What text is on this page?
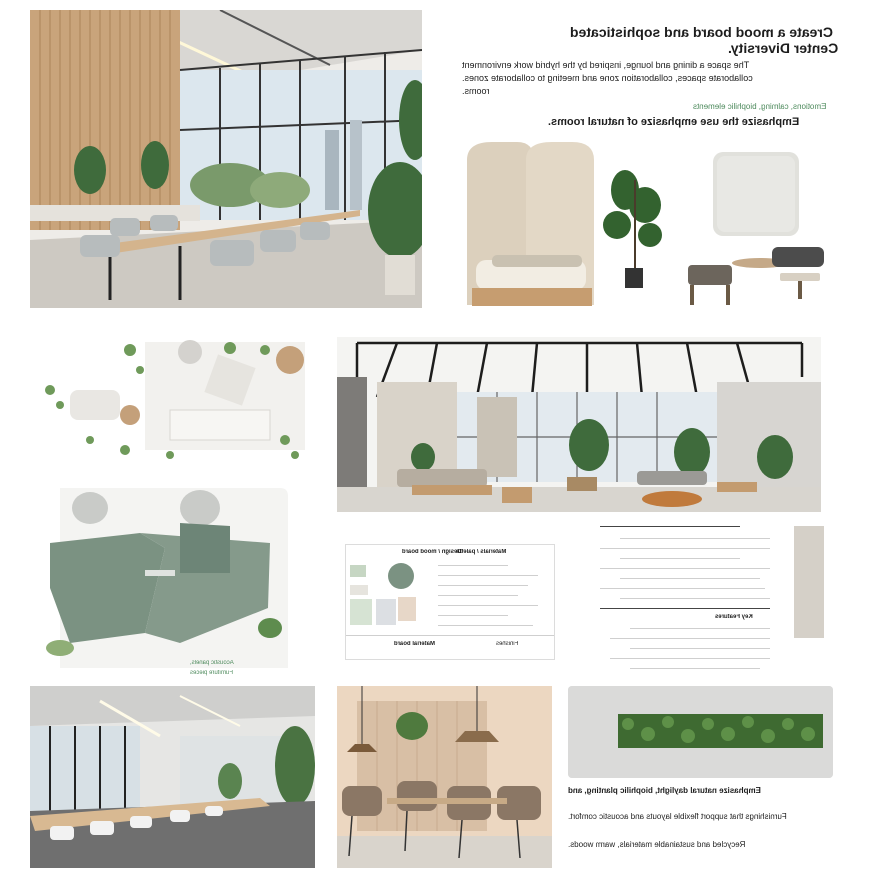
Create a mood board and sophisticated
Center Diversity.
The space a dining and lounge, inspired by the hybrid work environment
collaborate spaces, collaboration zone and meeting to collaborate zones.
rooms.
Emotions, calming, biophilic elements
Emphasize the use emphasize of natural rooms.
Acoustic panels,
Furniture pieces
Materials / palette
Design / mood board
Material board	Finishes
Key Features
Emphasize natural daylight, biophilic planting, and
Furnishings that support flexible layouts and acoustic comfort.
Recycled and sustainable materials, warm woods.
